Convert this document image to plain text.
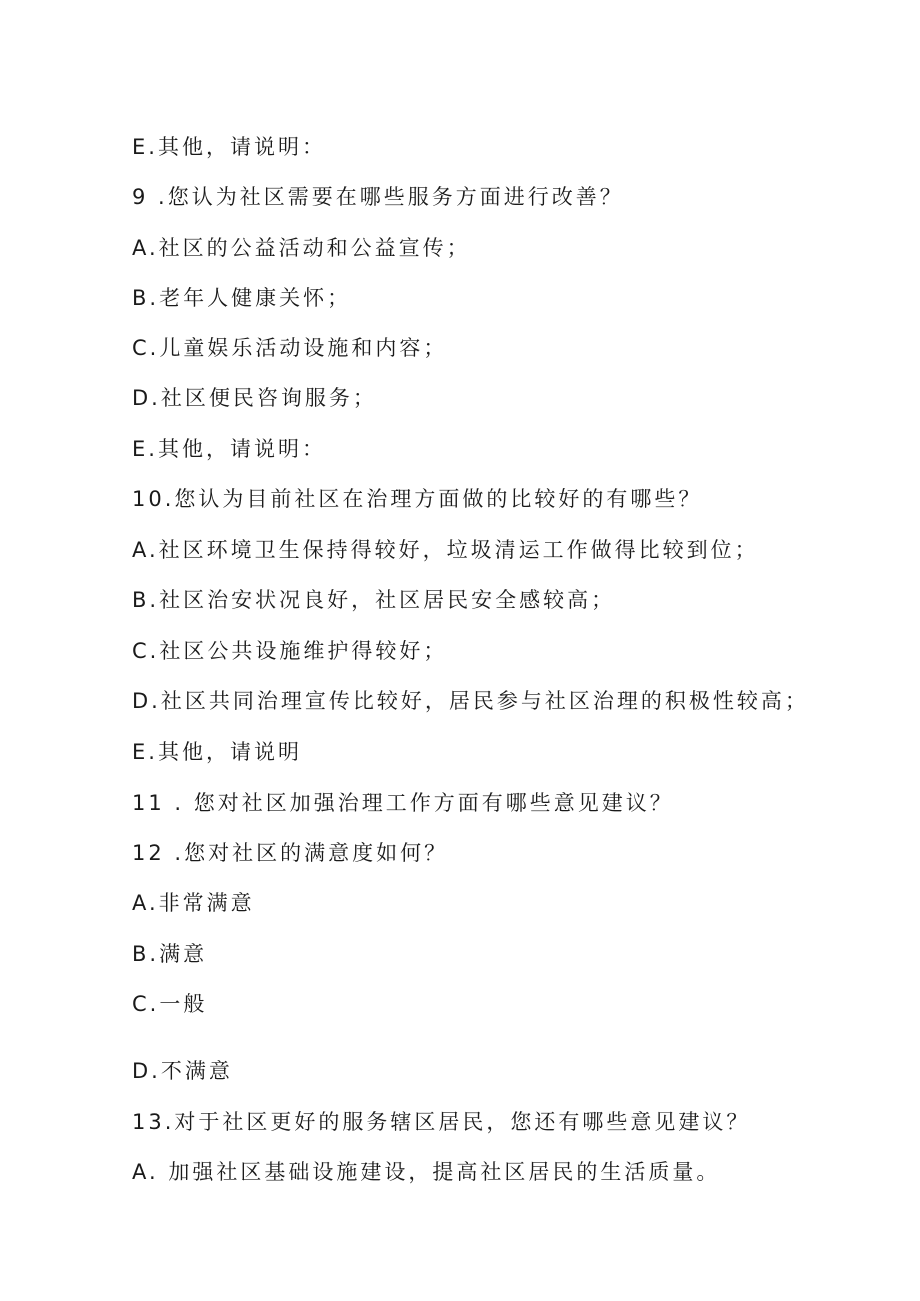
E.其他，请说明：

9 .您认为社区需要在哪些服务方面进行改善？

A.社区的公益活动和公益宣传；

B.老年人健康关怀；

C.儿童娱乐活动设施和内容；

D.社区便民咨询服务；

E.其他，请说明：

10.您认为目前社区在治理方面做的比较好的有哪些？

A.社区环境卫生保持得较好，垃圾清运工作做得比较到位；

B.社区治安状况良好，社区居民安全感较高；

C.社区公共设施维护得较好；

D.社区共同治理宣传比较好，居民参与社区治理的积极性较高；

E.其他，请说明

11 . 您对社区加强治理工作方面有哪些意见建议？

12 .您对社区的满意度如何？

A.非常满意

B.满意

C.一般

D.不满意

13.对于社区更好的服务辖区居民，您还有哪些意见建议？

A. 加强社区基础设施建设，提高社区居民的生活质量。
